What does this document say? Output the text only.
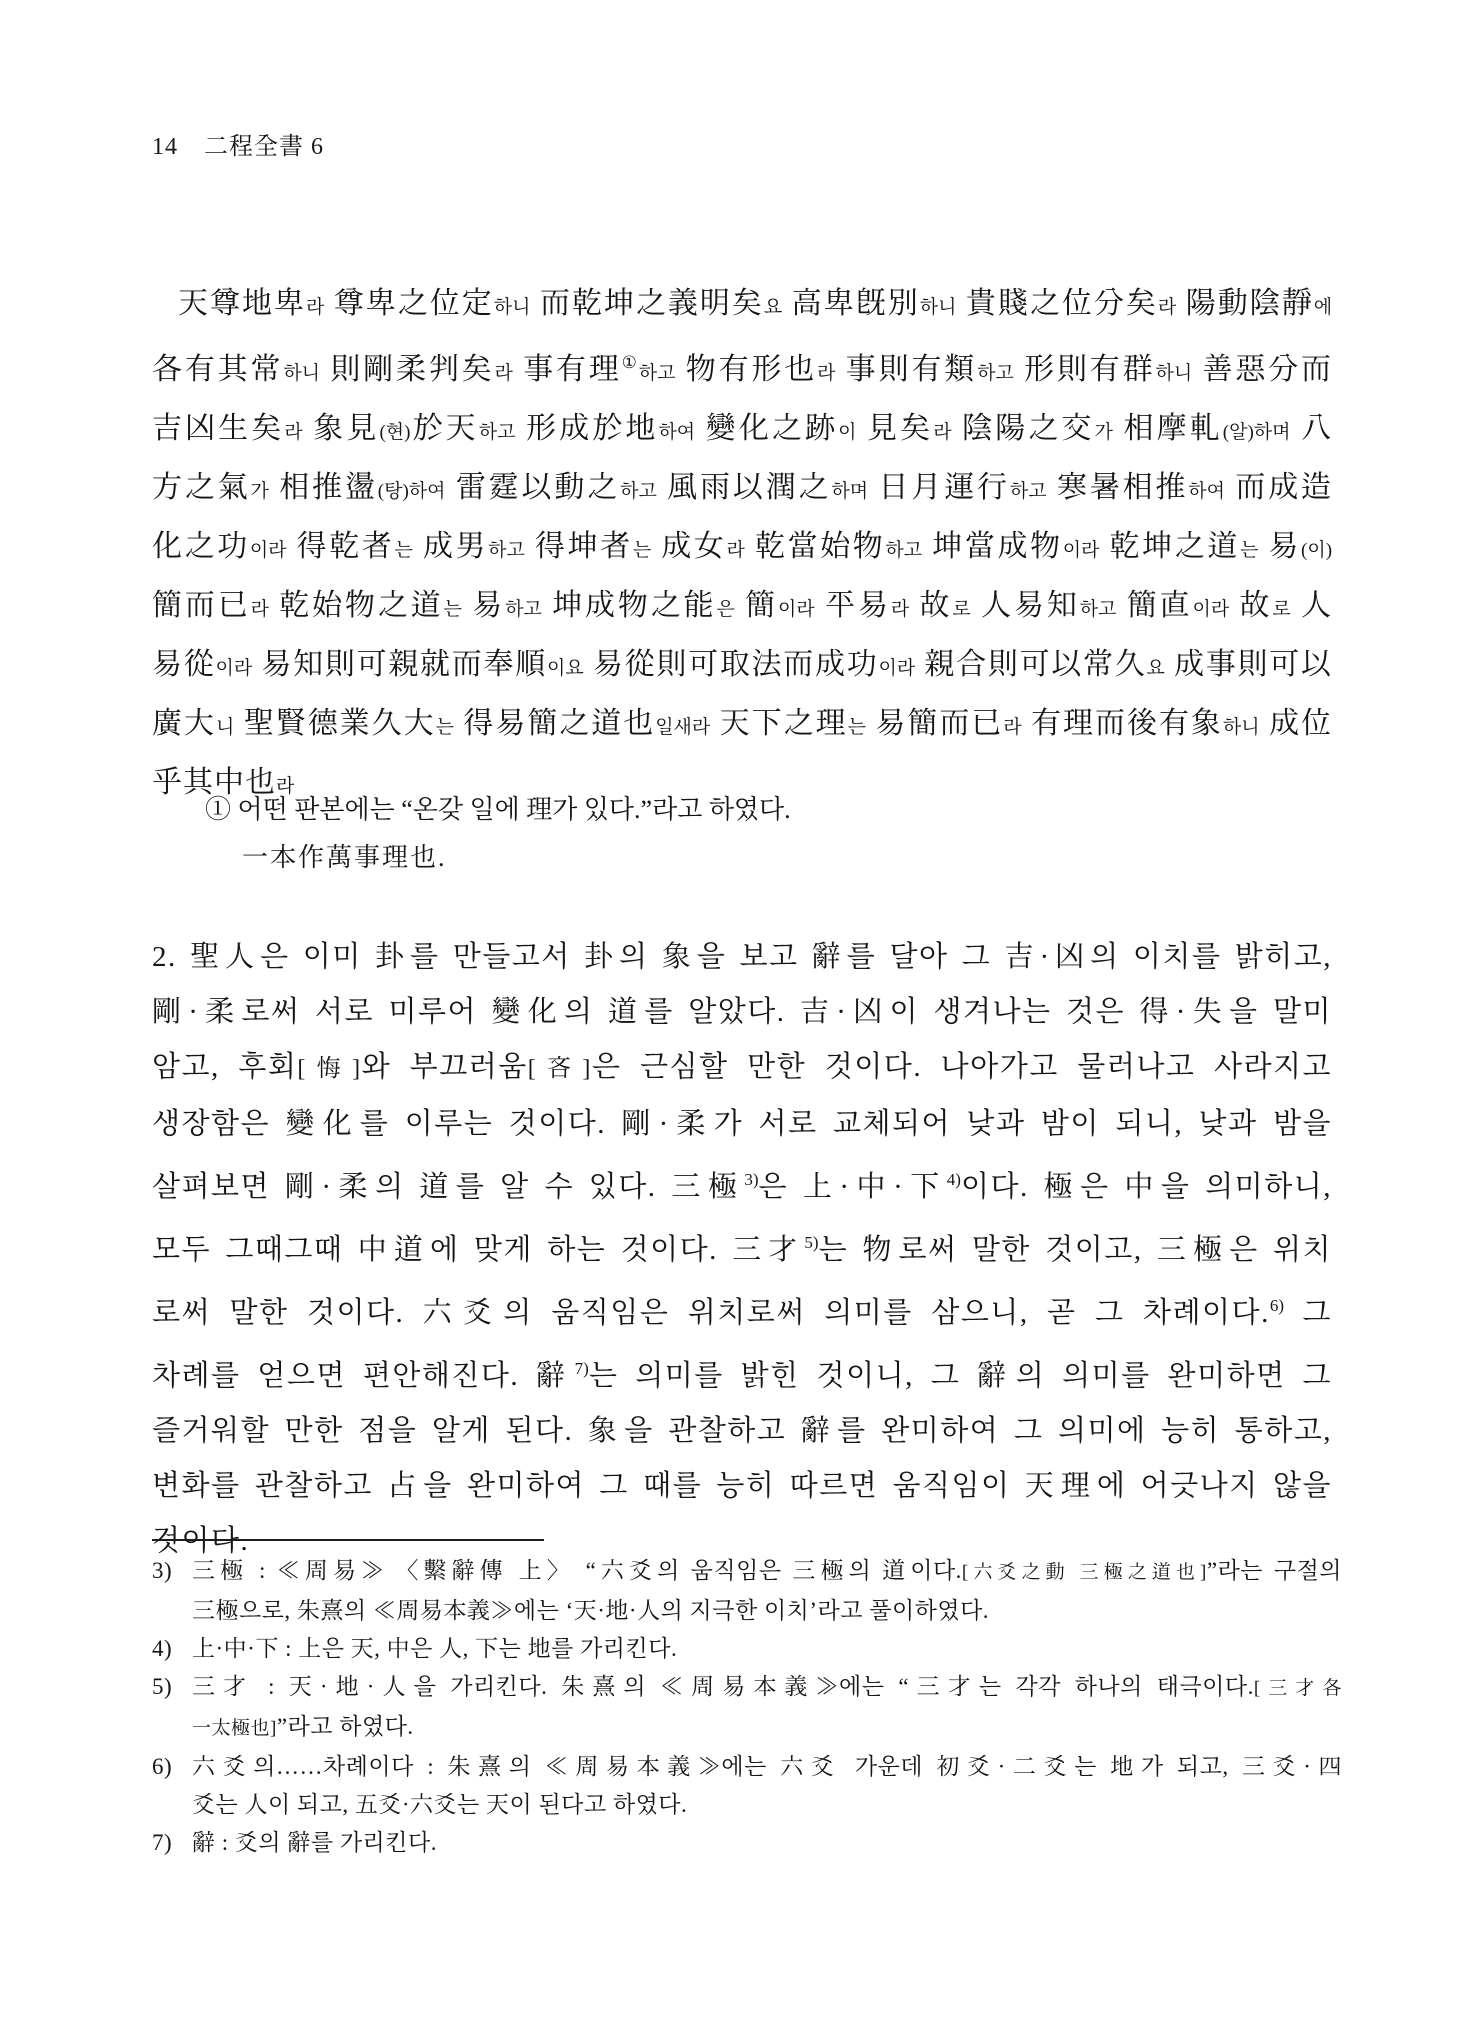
14 二程全書 6
天尊地卑라 尊卑之位定하니 而乾坤之義明矣요 高卑旣別하니 貴賤之位分矣라 陽動陰靜에
各有其常하니 則剛柔判矣라 事有理①하고 物有形也라 事則有類하고 形則有群하니 善惡分而
吉凶生矣라 象見(현)於天하고 形成於地하여 變化之跡이 見矣라 陰陽之交가 相摩軋(알)하며 八
方之氣가 相推盪(탕)하여 雷霆以動之하고 風雨以潤之하며 日月運行하고 寒暑相推하여 而成造
化之功이라 得乾者는 成男하고 得坤者는 成女라 乾當始物하고 坤當成物이라 乾坤之道는 易(이)
簡而已라 乾始物之道는 易하고 坤成物之能은 簡이라 平易라 故로 人易知하고 簡直이라 故로 人
易從이라 易知則可親就而奉順이요 易從則可取法而成功이라 親合則可以常久요 成事則可以
廣大니 聖賢德業久大는 得易簡之道也일새라 天下之理는 易簡而已라 有理而後有象하니 成位
乎其中也라
① 어떤 판본에는 “온갖 일에 理가 있다.”라고 하였다.
一本作萬事理也.
2. 聖人은 이미 卦를 만들고서 卦의 象을 보고 辭를 달아 그 吉·凶의 이치를 밝히고,
剛·柔로써 서로 미루어 變化의 道를 알았다. 吉·凶이 생겨나는 것은 得·失을 말미
암고, 후회[悔]와 부끄러움[吝]은 근심할 만한 것이다. 나아가고 물러나고 사라지고
생장함은 變化를 이루는 것이다. 剛·柔가 서로 교체되어 낮과 밤이 되니, 낮과 밤을
살펴보면 剛·柔의 道를 알 수 있다. 三極$^{3)}$은 上·中·下$^{4)}$이다. 極은 中을 의미하니,
모두 그때그때 中道에 맞게 하는 것이다. 三才$^{5)}$는 物로써 말한 것이고, 三極은 위치
로써 말한 것이다. 六爻의 움직임은 위치로써 의미를 삼으니, 곧 그 차례이다.$^{6)}$ 그
차례를 얻으면 편안해진다. 辭$^{7)}$는 의미를 밝힌 것이니, 그 辭의 의미를 완미하면 그
즐거워할 만한 점을 알게 된다. 象을 관찰하고 辭를 완미하여 그 의미에 능히 통하고,
변화를 관찰하고 占을 완미하여 그 때를 능히 따르면 움직임이 天理에 어긋나지 않을
것이다.
3) 三極 : ≪周易≫ 〈繫辭傳 上〉 “六爻의 움직임은 三極의 道이다.[六爻之動 三極之道也]”라는 구절의
三極으로, 朱熹의 ≪周易本義≫에는 ‘天·地·人의 지극한 이치’라고 풀이하였다.
4) 上·中·下 : 上은 天, 中은 人, 下는 地를 가리킨다.
5) 三才 : 天·地·人을 가리킨다. 朱熹의 ≪周易本義≫에는 “三才는 각각 하나의 태극이다.[三才各
一太極也]”라고 하였다.
6) 六爻의……차례이다 : 朱熹의 ≪周易本義≫에는 六爻 가운데 初爻·二爻는 地가 되고, 三爻·四
爻는 人이 되고, 五爻·六爻는 天이 된다고 하였다.
7) 辭 : 爻의 辭를 가리킨다.
